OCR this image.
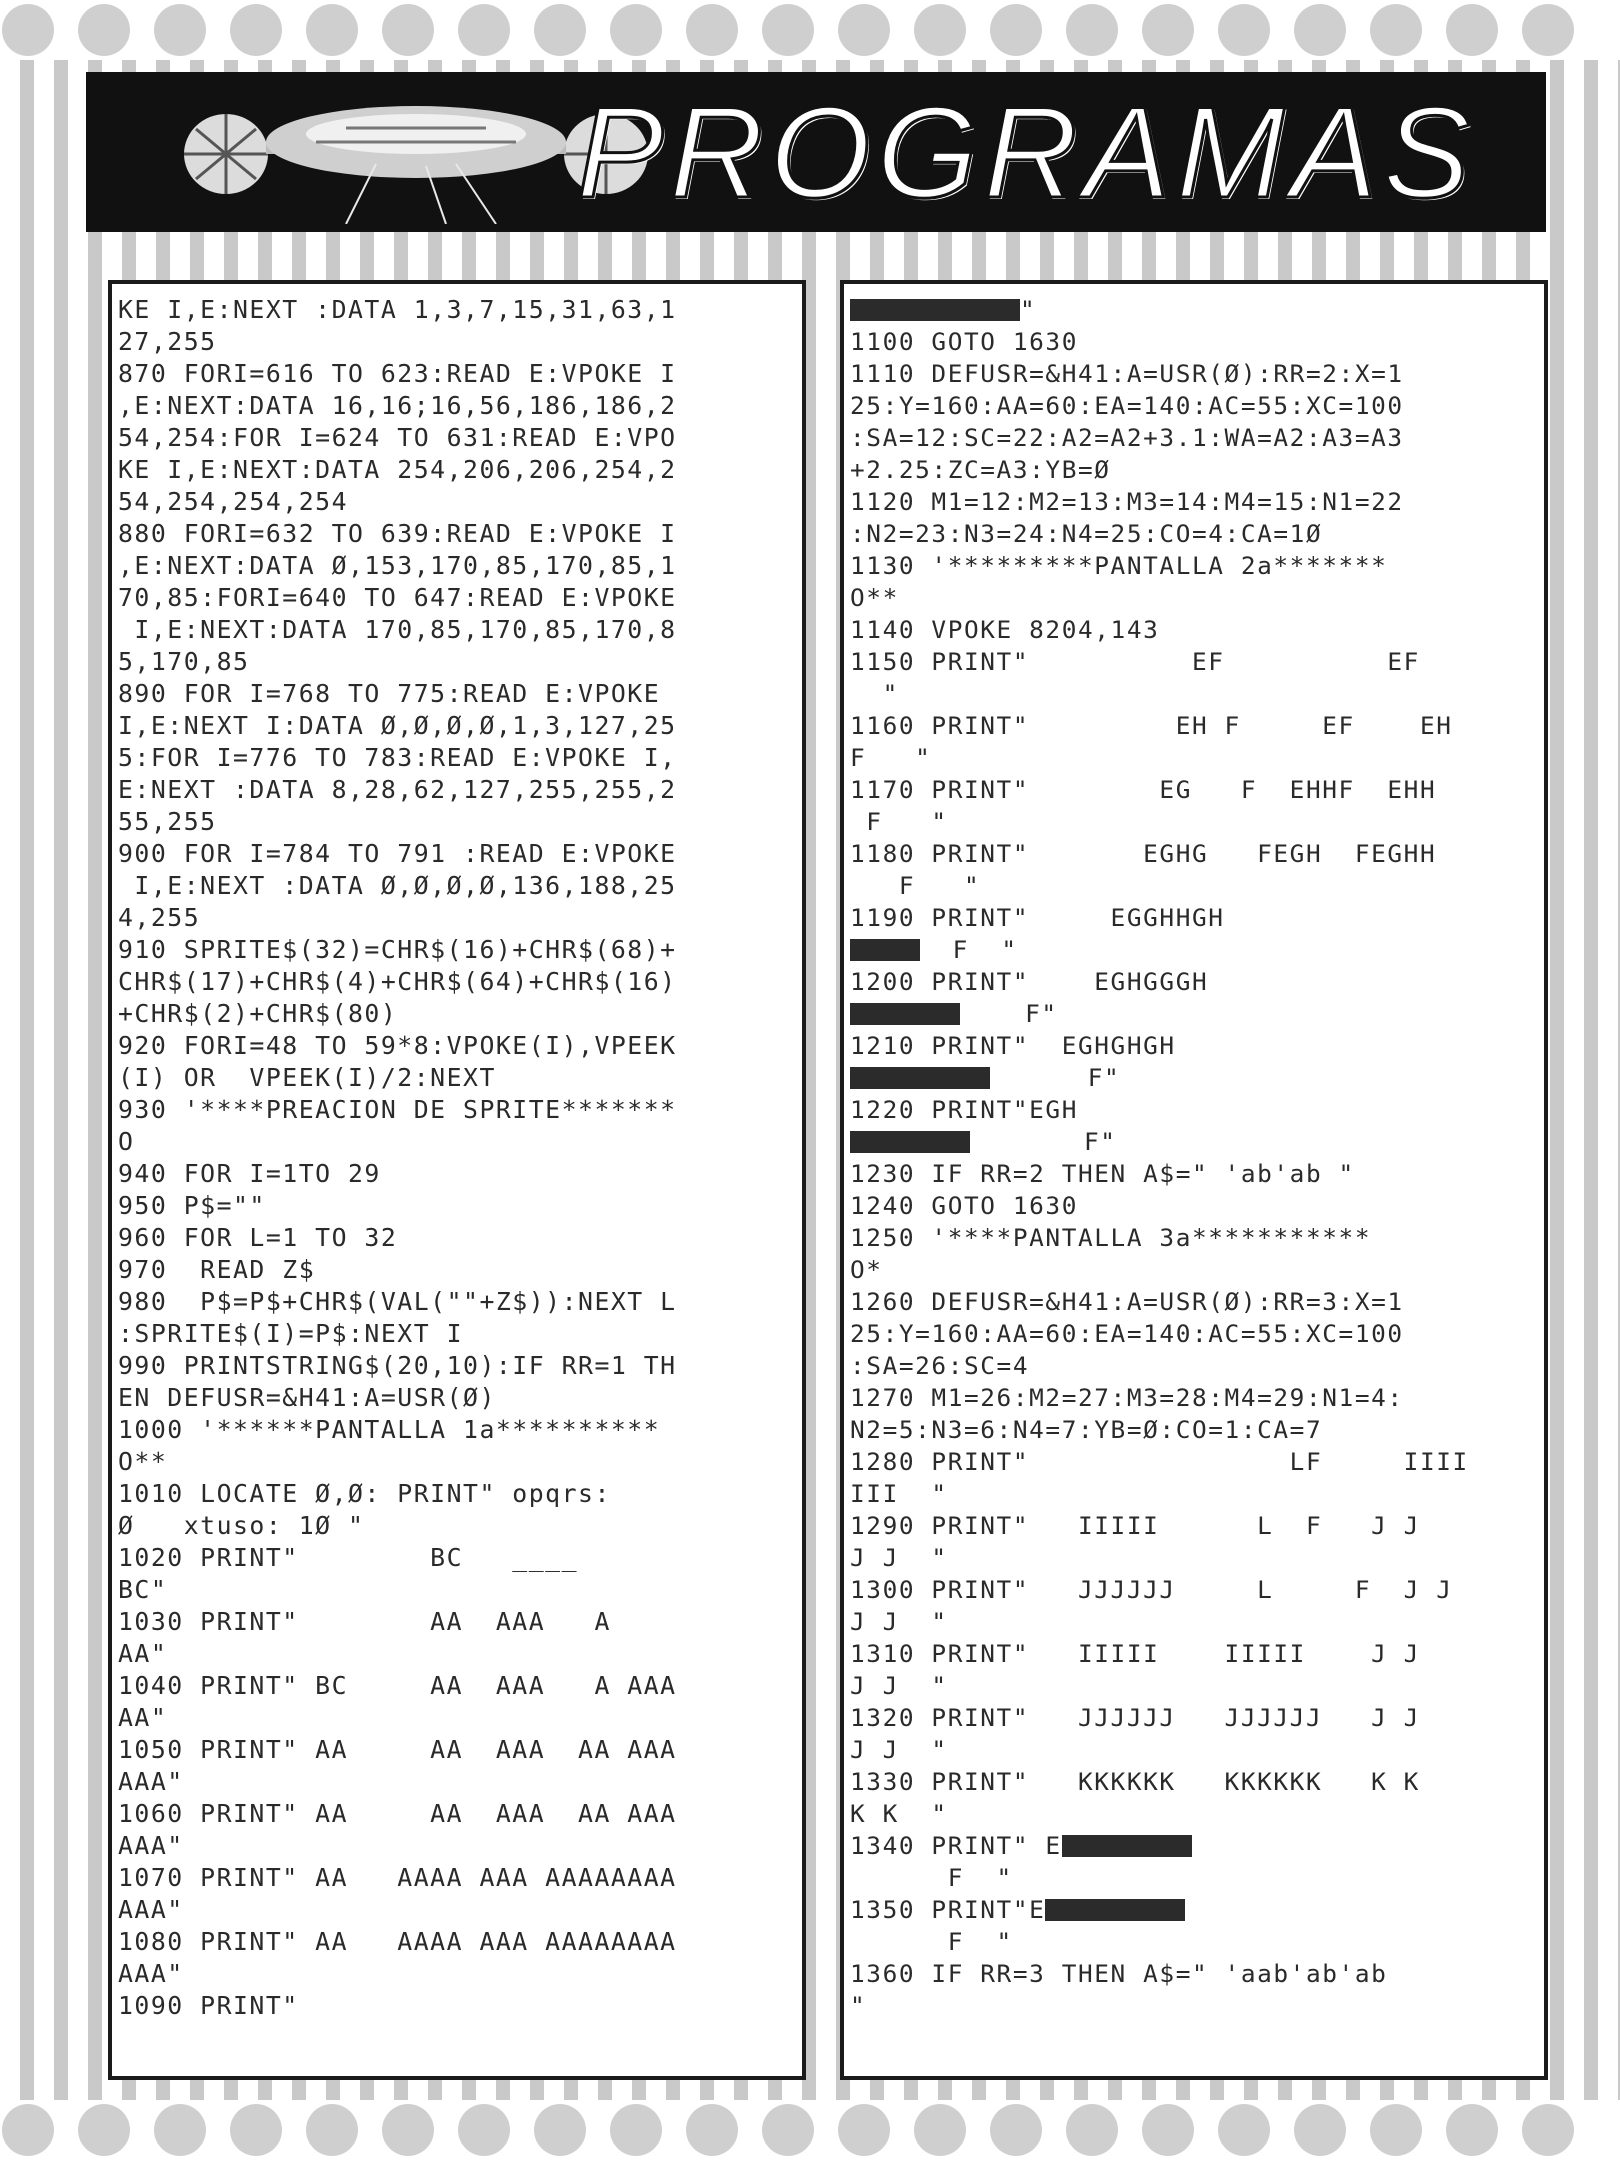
PROGRAMAS
KE I,E:NEXT :DATA 1,3,7,15,31,63,1
27,255
870 FORI=616 TO 623:READ E:VPOKE I
,E:NEXT:DATA 16,16;16,56,186,186,2
54,254:FOR I=624 TO 631:READ E:VPO
KE I,E:NEXT:DATA 254,206,206,254,2
54,254,254,254
880 FORI=632 TO 639:READ E:VPOKE I
,E:NEXT:DATA Ø,153,170,85,170,85,1
70,85:FORI=640 TO 647:READ E:VPOKE
I,E:NEXT:DATA 170,85,170,85,170,8
5,170,85
890 FOR I=768 TO 775:READ E:VPOKE
I,E:NEXT I:DATA Ø,Ø,Ø,Ø,1,3,127,25
5:FOR I=776 TO 783:READ E:VPOKE I,
E:NEXT :DATA 8,28,62,127,255,255,2
55,255
900 FOR I=784 TO 791 :READ E:VPOKE
I,E:NEXT :DATA Ø,Ø,Ø,Ø,136,188,25
4,255
910 SPRITE$(32)=CHR$(16)+CHR$(68)+
CHR$(17)+CHR$(4)+CHR$(64)+CHR$(16)
+CHR$(2)+CHR$(80)
920 FORI=48 TO 59*8:VPOKE(I),VPEEK
(I) OR  VPEEK(I)/2:NEXT
930 '****PREACION DE SPRITE*******
O
940 FOR I=1TO 29
950 P$=""
960 FOR L=1 TO 32
970  READ Z$
980  P$=P$+CHR$(VAL(""+Z$)):NEXT L
:SPRITE$(I)=P$:NEXT I
990 PRINTSTRING$(20,10):IF RR=1 TH
EN DEFUSR=&H41:A=USR(Ø)
1000 '******PANTALLA 1a**********
O**
1010 LOCATE Ø,Ø: PRINT" opqrs:
Ø   xtuso: 1Ø "
1020 PRINT"        BC   ____
BC"
1030 PRINT"        AA  AAA   A
AA"
1040 PRINT" BC     AA  AAA   A AAA
AA"
1050 PRINT" AA     AA  AAA  AA AAA
AAA"
1060 PRINT" AA     AA  AAA  AA AAA
AAA"
1070 PRINT" AA   AAAA AAA AAAAAAAA
AAA"
1080 PRINT" AA   AAAA AAA AAAAAAAA
AAA"
1090 PRINT"
"
1100 GOTO 1630
1110 DEFUSR=&H41:A=USR(Ø):RR=2:X=1
25:Y=160:AA=60:EA=140:AC=55:XC=100
:SA=12:SC=22:A2=A2+3.1:WA=A2:A3=A3
+2.25:ZC=A3:YB=Ø
1120 M1=12:M2=13:M3=14:M4=15:N1=22
:N2=23:N3=24:N4=25:CO=4:CA=1Ø
1130 '*********PANTALLA 2a*******
O**
1140 VPOKE 8204,143
1150 PRINT"          EF          EF
"
1160 PRINT"         EH F     EF    EH
F   "
1170 PRINT"        EG   F  EHHF  EHH
F   "
1180 PRINT"       EGHG   FEGH  FEGHH
F   "
1190 PRINT"     EGGHHGH
F  "
1200 PRINT"    EGHGGGH
F"
1210 PRINT"  EGHGHGH
F"
1220 PRINT"EGH
F"
1230 IF RR=2 THEN A$=" 'ab'ab "
1240 GOTO 1630
1250 '****PANTALLA 3a***********
O*
1260 DEFUSR=&H41:A=USR(Ø):RR=3:X=1
25:Y=160:AA=60:EA=140:AC=55:XC=100
:SA=26:SC=4
1270 M1=26:M2=27:M3=28:M4=29:N1=4:
N2=5:N3=6:N4=7:YB=Ø:CO=1:CA=7
1280 PRINT"                LF     IIII
III  "
1290 PRINT"   IIIII      L  F   J J
J J  "
1300 PRINT"   JJJJJJ     L     F  J J
J J  "
1310 PRINT"   IIIII    IIIII    J J
J J  "
1320 PRINT"   JJJJJJ   JJJJJJ   J J
J J  "
1330 PRINT"   KKKKKK   KKKKKK   K K
K K  "
1340 PRINT" E
F  "
1350 PRINT"E
F  "
1360 IF RR=3 THEN A$=" 'aab'ab'ab
"
